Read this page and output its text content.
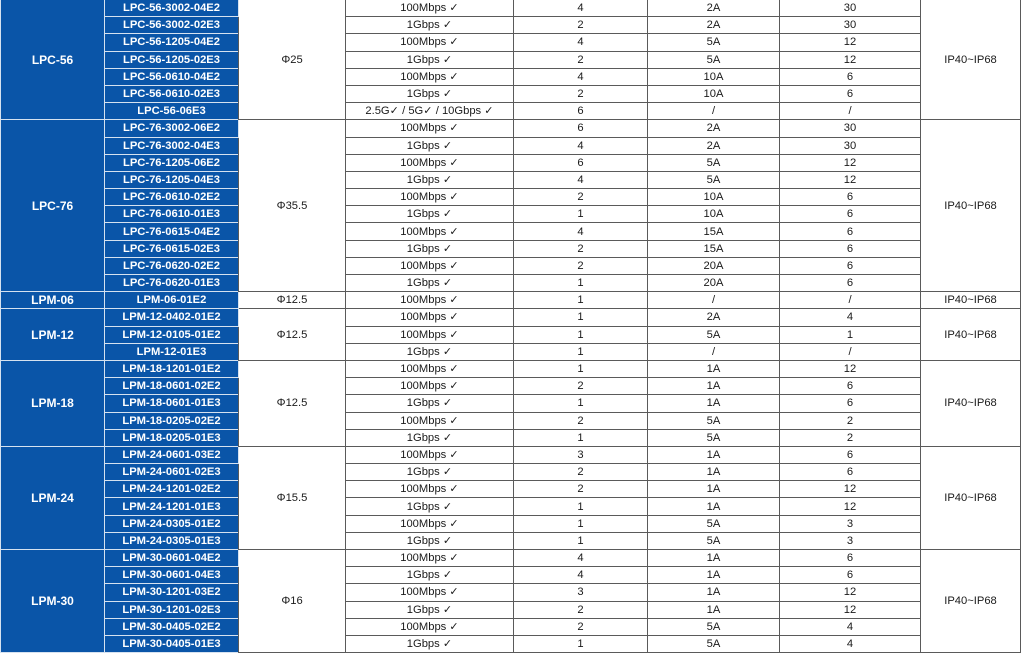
LPC-56	LPC-56-3002-04E2	Φ25	100Mbps ✓	4	2A	30	IP40~IP68
	LPC-56-3002-02E3		1Gbps ✓	2	2A	30	
	LPC-56-1205-04E2		100Mbps ✓	4	5A	12	
	LPC-56-1205-02E3		1Gbps ✓	2	5A	12	
	LPC-56-0610-04E2		100Mbps ✓	4	10A	6	
	LPC-56-0610-02E3		1Gbps ✓	2	10A	6	
	LPC-56-06E3		2.5G✓ / 5G✓ / 10Gbps ✓	6	/	/	
LPC-76	LPC-76-3002-06E2	Φ35.5	100Mbps ✓	6	2A	30	IP40~IP68
	LPC-76-3002-04E3		1Gbps ✓	4	2A	30	
	LPC-76-1205-06E2		100Mbps ✓	6	5A	12	
	LPC-76-1205-04E3		1Gbps ✓	4	5A	12	
	LPC-76-0610-02E2		100Mbps ✓	2	10A	6	
	LPC-76-0610-01E3		1Gbps ✓	1	10A	6	
	LPC-76-0615-04E2		100Mbps ✓	4	15A	6	
	LPC-76-0615-02E3		1Gbps ✓	2	15A	6	
	LPC-76-0620-02E2		100Mbps ✓	2	20A	6	
	LPC-76-0620-01E3		1Gbps ✓	1	20A	6	
LPM-06	LPM-06-01E2	Φ12.5	100Mbps ✓	1	/	/	IP40~IP68
LPM-12	LPM-12-0402-01E2	Φ12.5	100Mbps ✓	1	2A	4	IP40~IP68
	LPM-12-0105-01E2		100Mbps ✓	1	5A	1	
	LPM-12-01E3		1Gbps ✓	1	/	/	
LPM-18	LPM-18-1201-01E2	Φ12.5	100Mbps ✓	1	1A	12	IP40~IP68
	LPM-18-0601-02E2		100Mbps ✓	2	1A	6	
	LPM-18-0601-01E3		1Gbps ✓	1	1A	6	
	LPM-18-0205-02E2		100Mbps ✓	2	5A	2	
	LPM-18-0205-01E3		1Gbps ✓	1	5A	2	
LPM-24	LPM-24-0601-03E2	Φ15.5	100Mbps ✓	3	1A	6	IP40~IP68
	LPM-24-0601-02E3		1Gbps ✓	2	1A	6	
	LPM-24-1201-02E2		100Mbps ✓	2	1A	12	
	LPM-24-1201-01E3		1Gbps ✓	1	1A	12	
	LPM-24-0305-01E2		100Mbps ✓	1	5A	3	
	LPM-24-0305-01E3		1Gbps ✓	1	5A	3	
LPM-30	LPM-30-0601-04E2	Φ16	100Mbps ✓	4	1A	6	IP40~IP68
	LPM-30-0601-04E3		1Gbps ✓	4	1A	6	
	LPM-30-1201-03E2		100Mbps ✓	3	1A	12	
	LPM-30-1201-02E3		1Gbps ✓	2	1A	12	
	LPM-30-0405-02E2		100Mbps ✓	2	5A	4	
	LPM-30-0405-01E3		1Gbps ✓	1	5A	4	
